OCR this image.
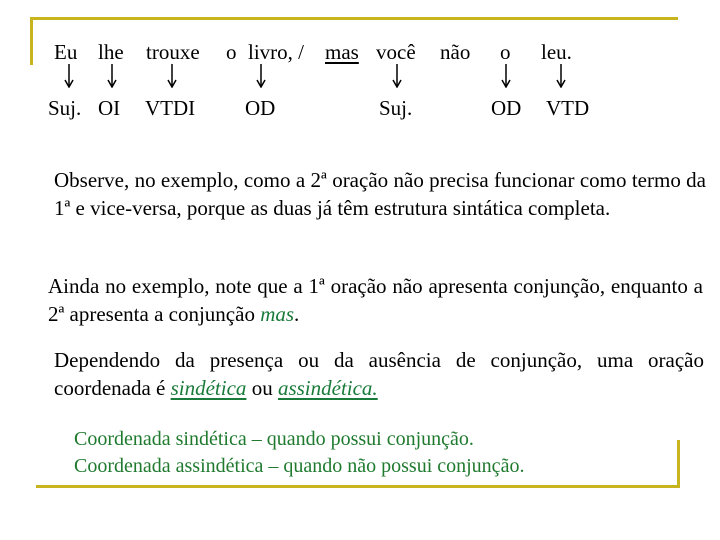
Eu lhe trouxe o livro, / mas você não o leu.
Suj. OI VTDI OD	Suj.	OD VTD
Observe, no exemplo, como a 2ª oração não precisa funcionar como termo da 1ª e vice-versa, porque as duas já têm estrutura sintática completa.
Ainda no exemplo, note que a 1ª oração não apresenta conjunção, enquanto a 2ª apresenta a conjunção mas.
Dependendo da presença ou da ausência de conjunção, uma oração coordenada é sindética ou assindética.
Coordenada sindética – quando possui conjunção.
Coordenada assindética – quando não possui conjunção.
